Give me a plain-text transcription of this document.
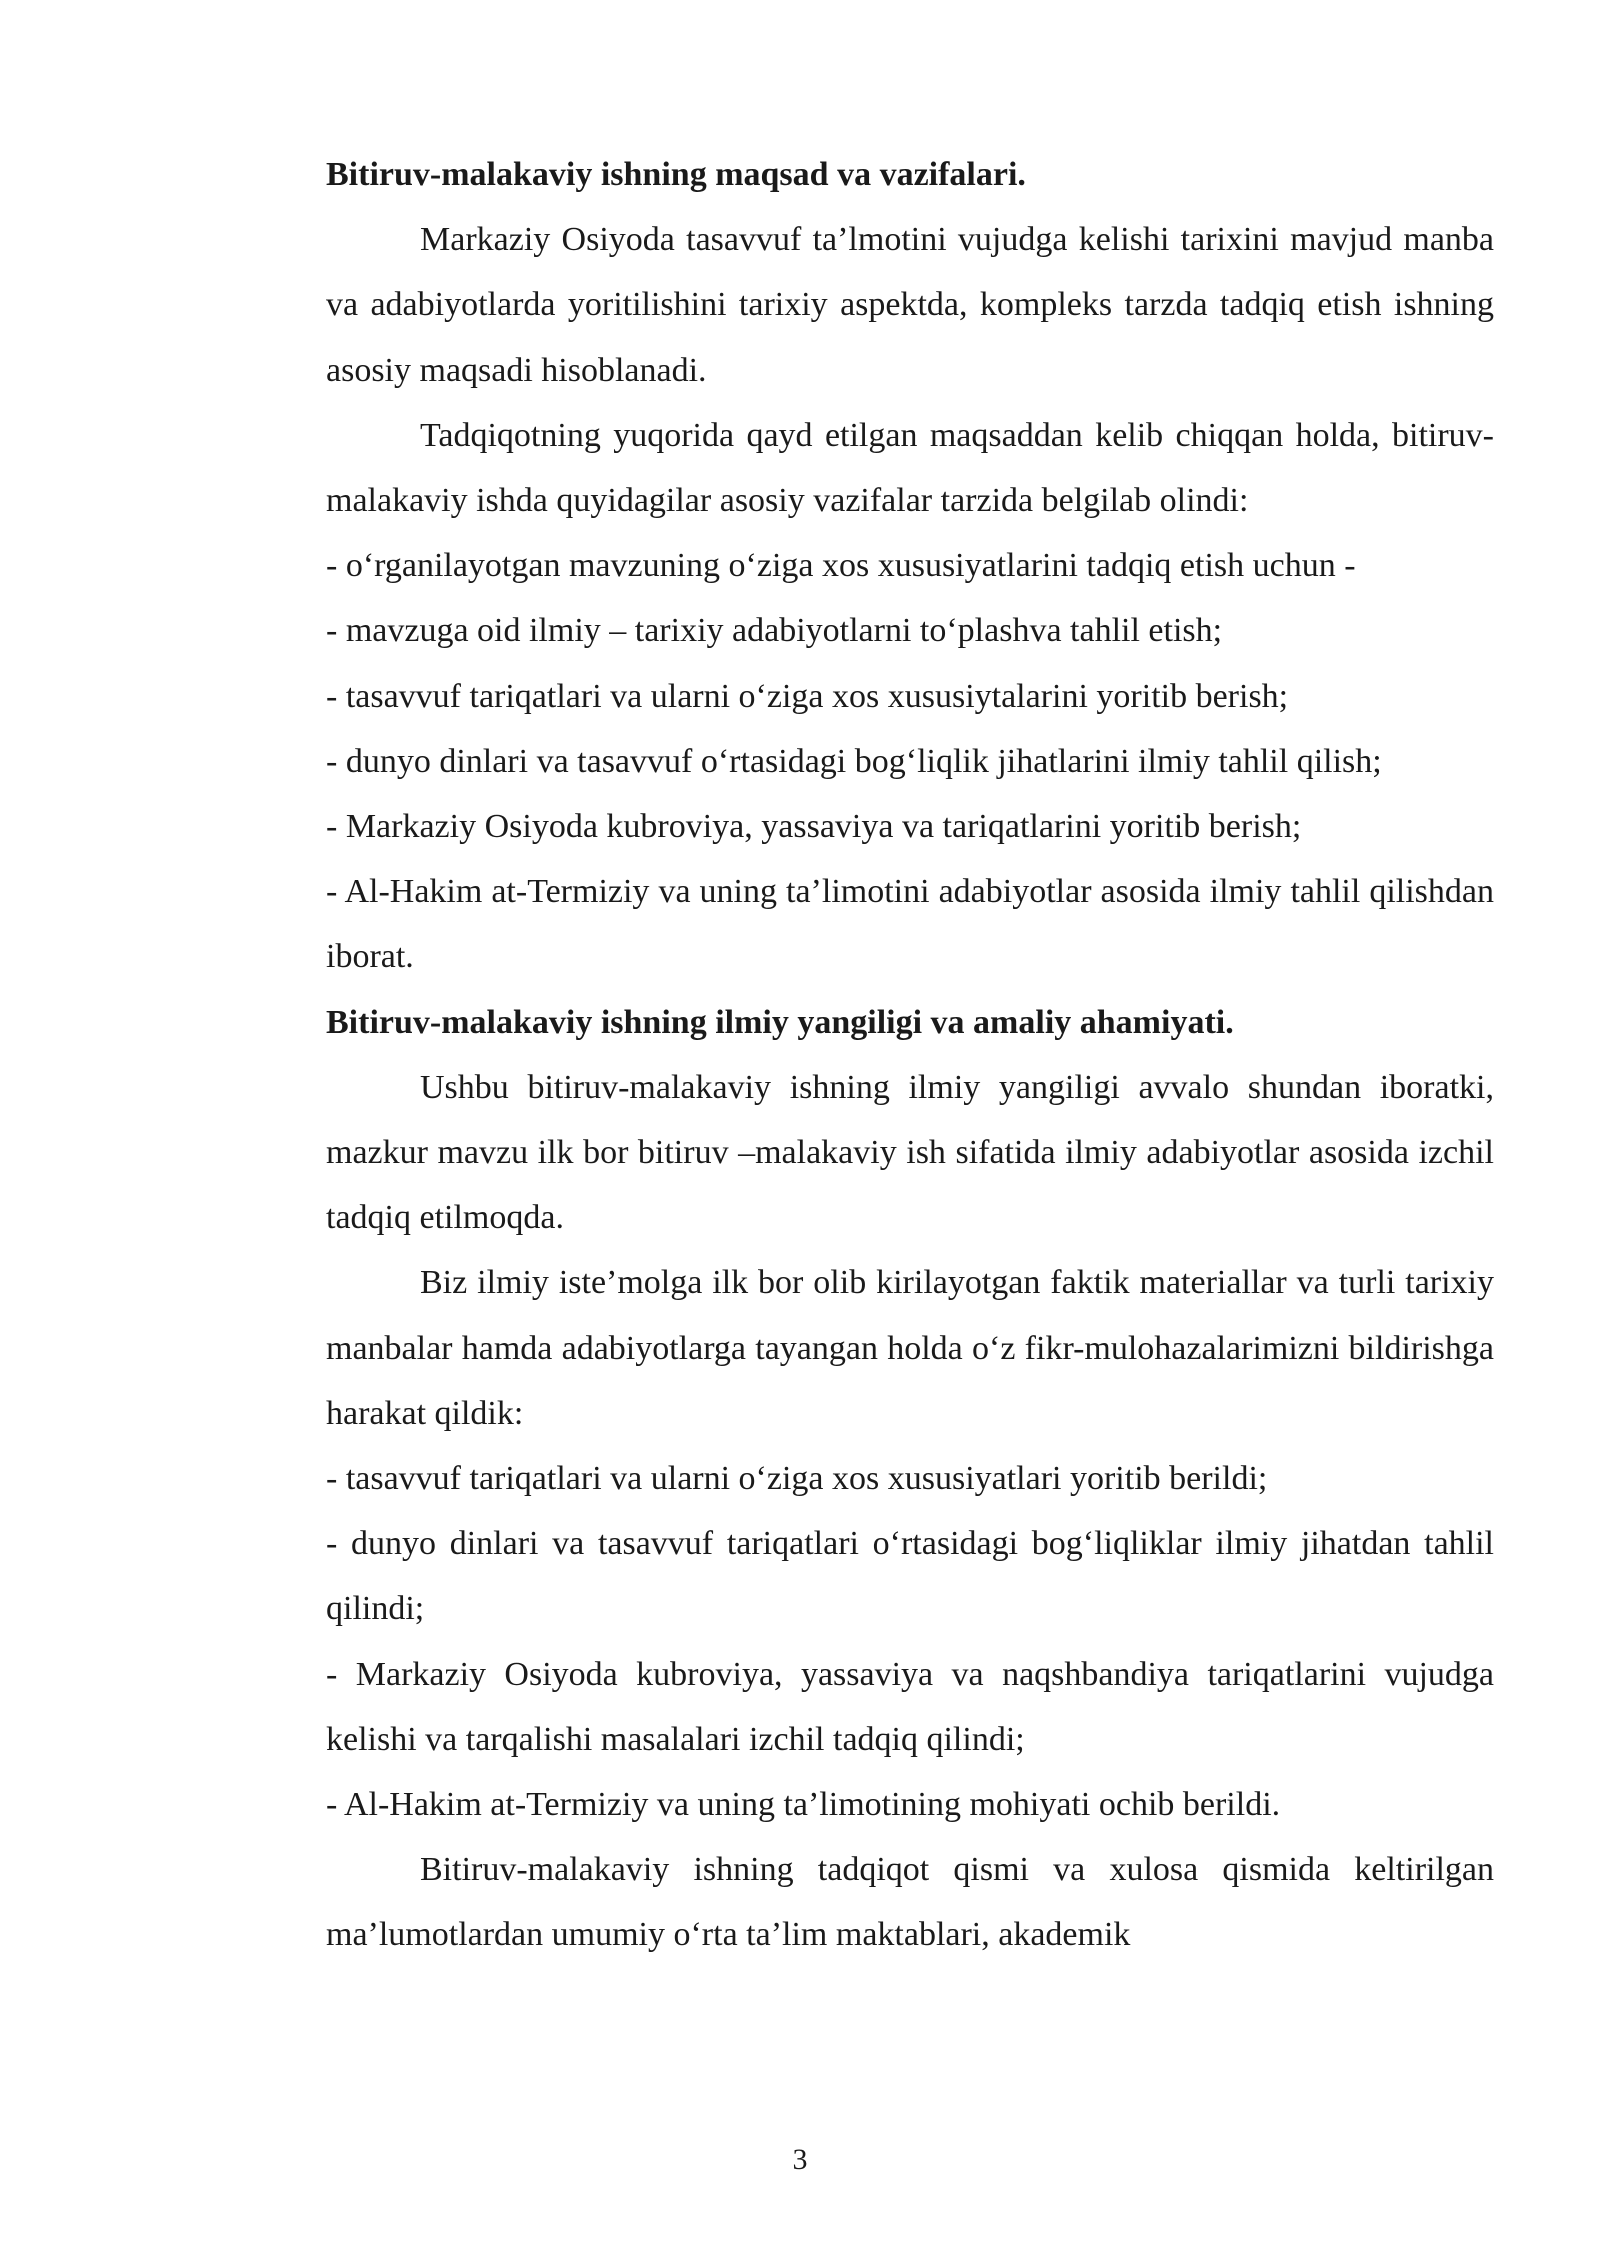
Bitiruv-malakaviy ishning maqsad va vazifalari.

Markaziy Osiyoda tasavvuf ta’lmotini vujudga kelishi tarixini mavjud manba va adabiyotlarda yoritilishini tarixiy aspektda, kompleks tarzda tadqiq etish ishning asosiy maqsadi hisoblanadi.

Tadqiqotning yuqorida qayd etilgan maqsaddan kelib chiqqan holda, bitiruv-malakaviy ishda quyidagilar asosiy vazifalar tarzida belgilab olindi:

- o‘rganilayotgan mavzuning o‘ziga xos xususiyatlarini tadqiq etish uchun -

- mavzuga oid ilmiy – tarixiy adabiyotlarni to‘plashva tahlil etish;

- tasavvuf tariqatlari va ularni o‘ziga xos xususiytalarini yoritib berish;

- dunyo dinlari va tasavvuf o‘rtasidagi bog‘liqlik jihatlarini ilmiy tahlil qilish;

- Markaziy Osiyoda kubroviya, yassaviya va tariqatlarini yoritib berish;

- Al-Hakim at-Termiziy va uning ta’limotini adabiyotlar asosida ilmiy tahlil qilishdan iborat.

Bitiruv-malakaviy ishning ilmiy yangiligi va amaliy ahamiyati.

Ushbu bitiruv-malakaviy ishning ilmiy yangiligi avvalo shundan iboratki, mazkur mavzu ilk bor bitiruv –malakaviy ish sifatida ilmiy adabiyotlar asosida izchil tadqiq etilmoqda.

Biz ilmiy iste’molga ilk bor olib kirilayotgan faktik materiallar va turli tarixiy manbalar hamda adabiyotlarga tayangan holda o‘z fikr-mulohazalarimizni bildirishga harakat qildik:

- tasavvuf tariqatlari va ularni o‘ziga xos xususiyatlari yoritib berildi;

- dunyo dinlari va tasavvuf tariqatlari o‘rtasidagi bog‘liqliklar ilmiy jihatdan tahlil qilindi;

- Markaziy Osiyoda kubroviya, yassaviya va naqshbandiya tariqatlarini vujudga kelishi va tarqalishi masalalari izchil tadqiq qilindi;

- Al-Hakim at-Termiziy va uning ta’limotining mohiyati ochib berildi.

Bitiruv-malakaviy ishning tadqiqot qismi va xulosa qismida keltirilgan ma’lumotlardan umumiy o‘rta ta’lim maktablari, akademik

3
